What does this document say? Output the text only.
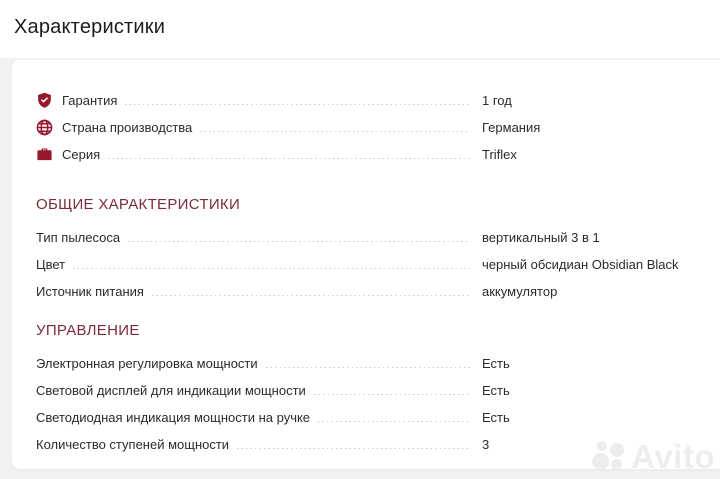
Характеристики
Гарантия	1 год
Страна производства	Германия
Серия	Triflex
ОБЩИЕ ХАРАКТЕРИСТИКИ
Тип пылесоса	вертикальный 3 в 1
Цвет	черный обсидиан Obsidian Black
Источник питания	аккумулятор
УПРАВЛЕНИЕ
Электронная регулировка мощности	Есть
Световой дисплей для индикации мощности	Есть
Светодиодная индикация мощности на ручке	Есть
Количество ступеней мощности	3	Avito
